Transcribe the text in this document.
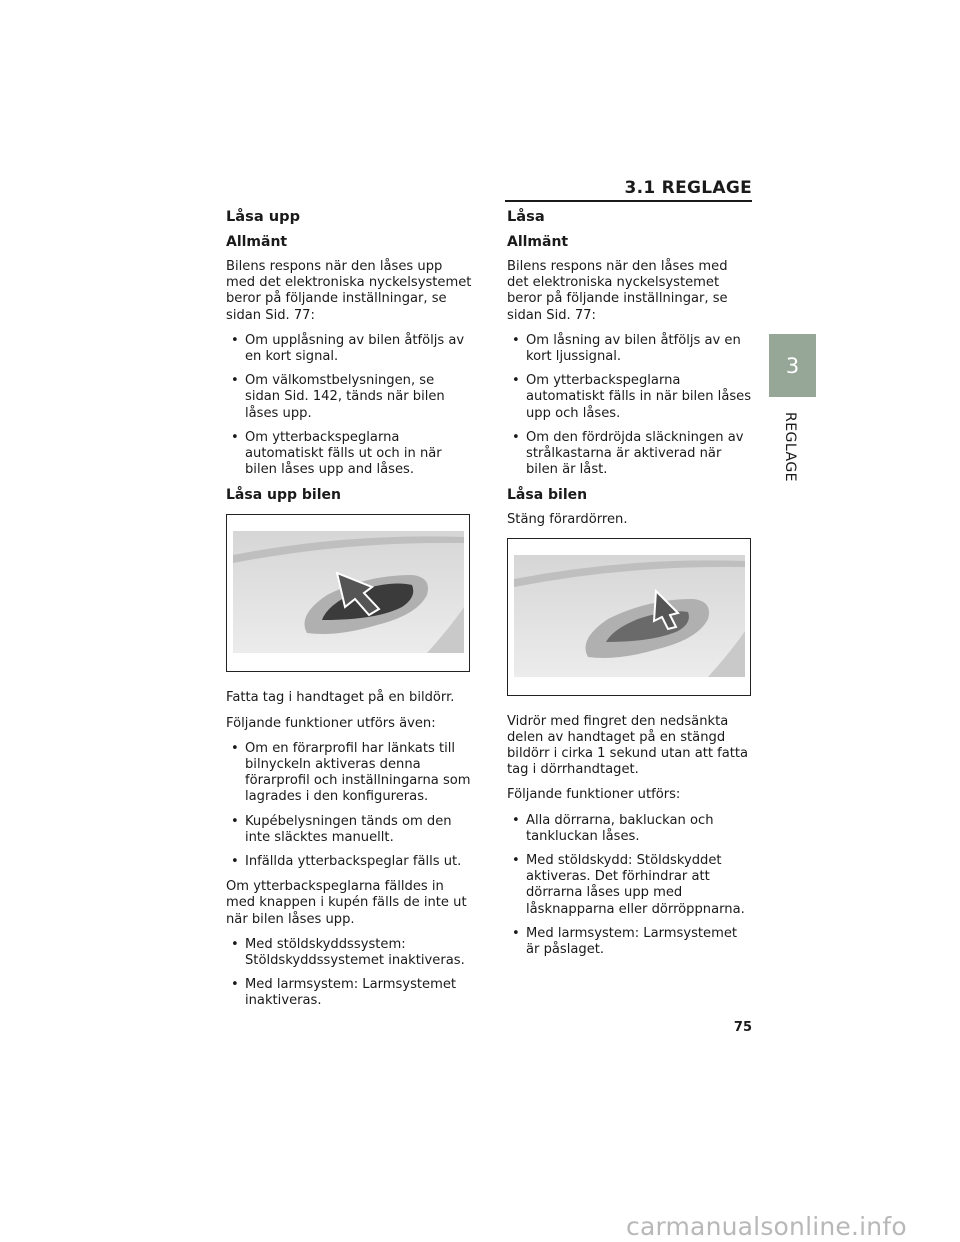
3.1 REGLAGE
3
REGLAGE
Låsa upp
Allmänt

Bilens respons när den låses upp med det elektroniska nyckelsystemet beror på följande inställningar, se sidan Sid. 77:

• Om upplåsning av bilen åtföljs av en kort signal.
• Om välkomstbelysningen, se sidan Sid. 142, tänds när bilen låses upp.
• Om ytterbackspeglarna automatiskt fälls ut och in när bilen låses upp and låses.
Låsa upp bilen

Fatta tag i handtaget på en bildörr.

Följande funktioner utförs även:

• Om en förarprofil har länkats till bilnyckeln aktiveras denna förarprofil och inställningarna som lagrades i den konfigureras.
• Kupébelysningen tänds om den inte släcktes manuellt.
• Infällda ytterbackspeglar fälls ut.

Om ytterbackspeglarna fälldes in med knappen i kupén fälls de inte ut när bilen låses upp.

• Med stöldskyddssystem: Stöldskyddssystemet inaktiveras.
• Med larmsystem: Larmsystemet inaktiveras.
Låsa
Allmänt

Bilens respons när den låses med det elektroniska nyckelsystemet beror på följande inställningar, se sidan Sid. 77:

• Om låsning av bilen åtföljs av en kort ljussignal.
• Om ytterbackspeglarna automatiskt fälls in när bilen låses upp och låses.
• Om den fördröjda släckningen av strålkastarna är aktiverad när bilen är låst.
Låsa bilen

Stäng förardörren.

Vidrör med fingret den nedsänkta delen av handtaget på en stängd bildörr i cirka 1 sekund utan att fatta tag i dörrhandtaget.

Följande funktioner utförs:

• Alla dörrarna, bakluckan och tankluckan låses.
• Med stöldskydd: Stöldskyddet aktiveras. Det förhindrar att dörrarna låses upp med låsknapparna eller dörröppnarna.
• Med larmsystem: Larmsystemet är påslaget.
75
carmanualsonline.info
